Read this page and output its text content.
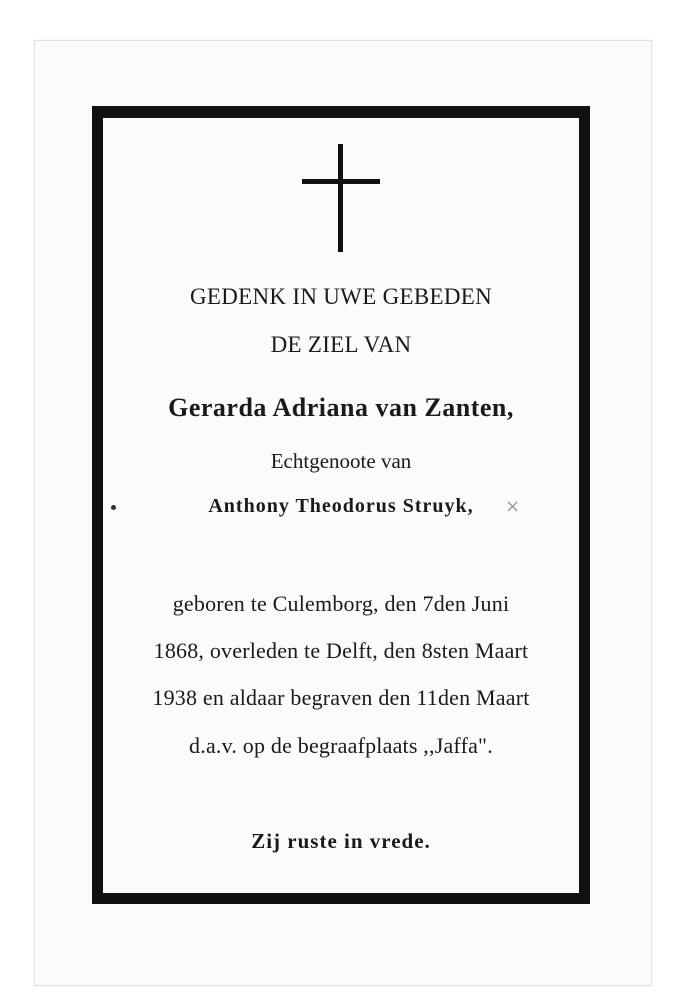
GEDENK IN UWE GEBEDEN
DE ZIEL VAN
Gerarda Adriana van Zanten,
Echtgenoote van
Anthony Theodorus Struyk,	×
geboren te Culemborg, den 7den Juni
1868, overleden te Delft, den 8sten Maart
1938 en aldaar begraven den 11den Maart
d.a.v. op de begraafplaats ,,Jaffa".
Zij ruste in vrede.
